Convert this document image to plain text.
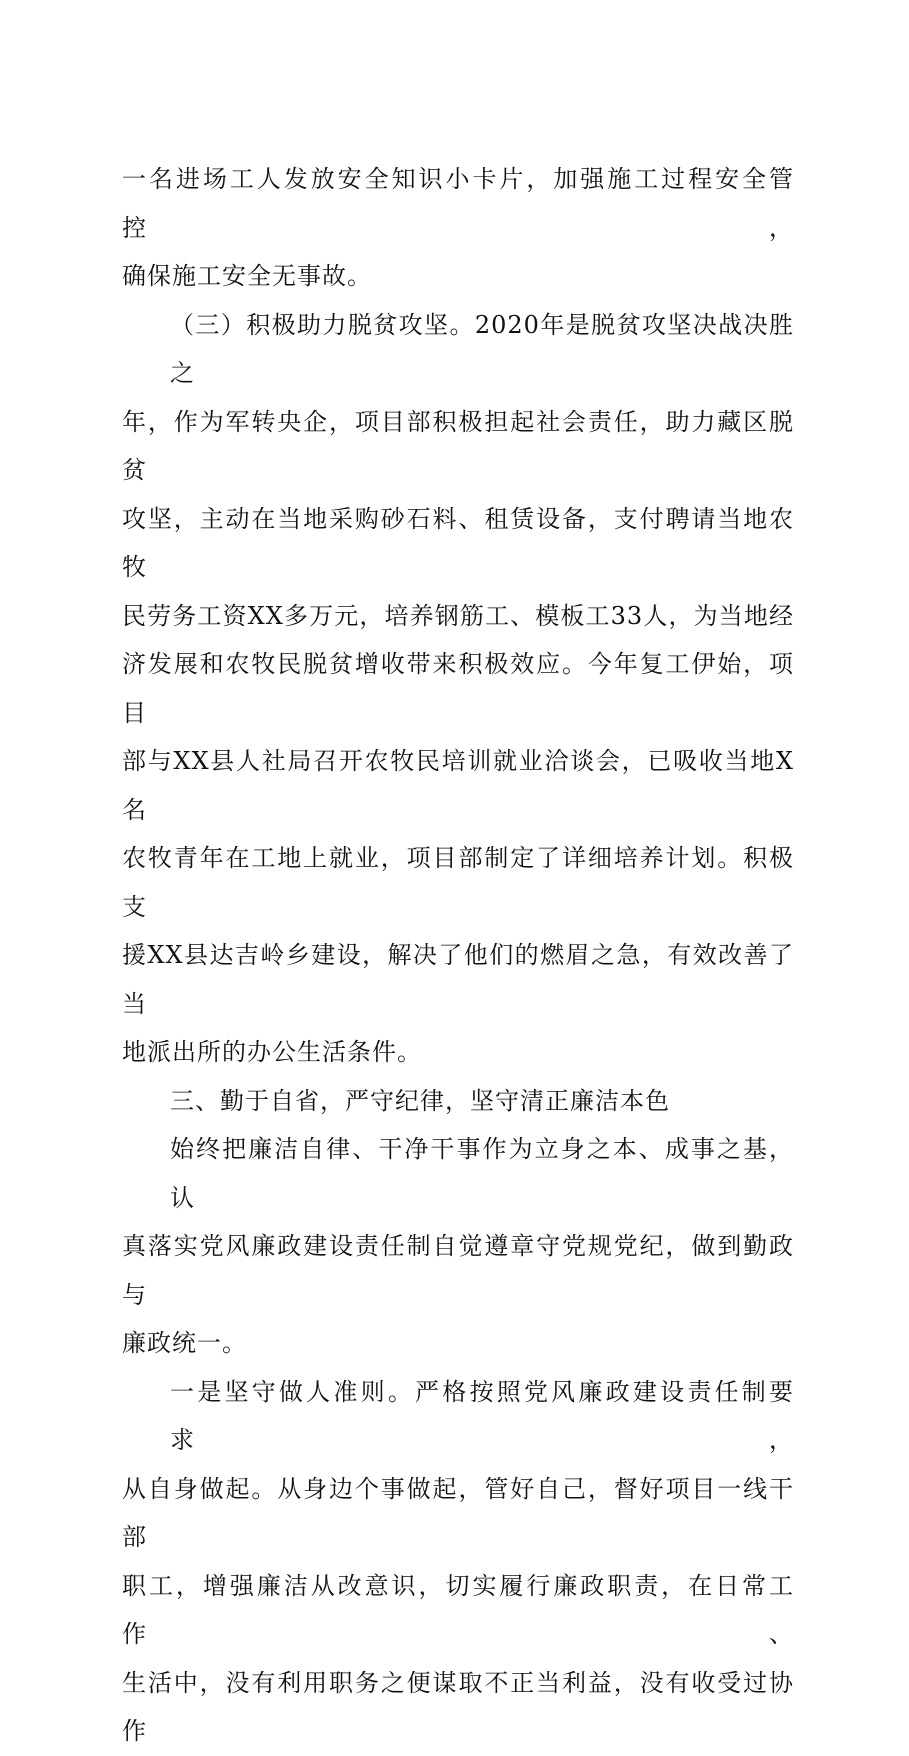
一名进场工人发放安全知识小卡片，加强施工过程安全管控，
确保施工安全无事故。
（三）积极助力脱贫攻坚。2020年是脱贫攻坚决战决胜之
年，作为军转央企，项目部积极担起社会责任，助力藏区脱贫
攻坚，主动在当地采购砂石料、租赁设备，支付聘请当地农牧
民劳务工资XX多万元，培养钢筋工、模板工33人，为当地经
济发展和农牧民脱贫增收带来积极效应。今年复工伊始，项目
部与XX县人社局召开农牧民培训就业洽谈会，已吸收当地X名
农牧青年在工地上就业，项目部制定了详细培养计划。积极支
援XX县达吉岭乡建设，解决了他们的燃眉之急，有效改善了当
地派出所的办公生活条件。
三、勤于自省，严守纪律，坚守清正廉洁本色
始终把廉洁自律、干净干事作为立身之本、成事之基，认
真落实党风廉政建设责任制自觉遵章守党规党纪，做到勤政与
廉政统一。
一是坚守做人准则。严格按照党风廉政建设责任制要求，
从自身做起。从身边个事做起，管好自己，督好项目一线干部
职工，增强廉洁从改意识，切实履行廉政职责，在日常工作、
生活中，没有利用职务之便谋取不正当利益，没有收受过协作
